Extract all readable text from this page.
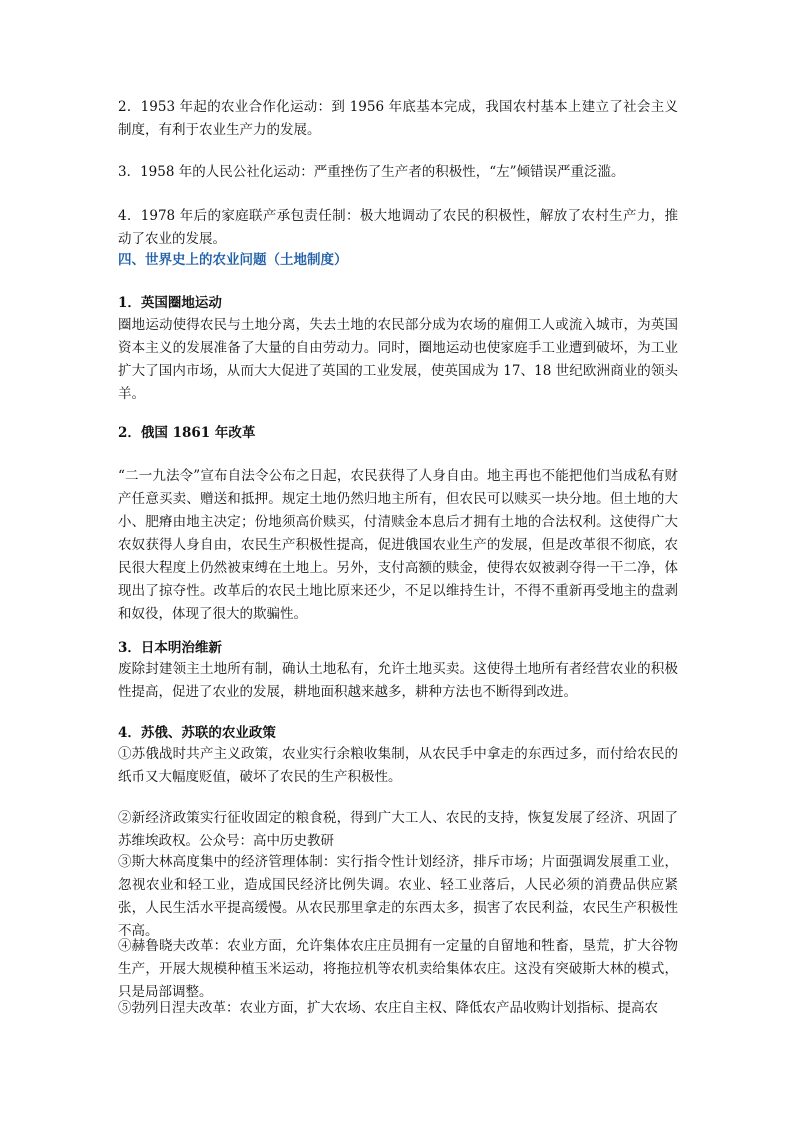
2．1953 年起的农业合作化运动：到 1956 年底基本完成，我国农村基本上建立了社会主义制度，有利于农业生产力的发展。

3．1958 年的人民公社化运动：严重挫伤了生产者的积极性，“左”倾错误严重泛滥。

4．1978 年后的家庭联产承包责任制：极大地调动了农民的积极性，解放了农村生产力，推动了农业的发展。

四、世界史上的农业问题（土地制度）

1．英国圈地运动

圈地运动使得农民与土地分离，失去土地的农民部分成为农场的雇佣工人或流入城市，为英国资本主义的发展准备了大量的自由劳动力。同时，圈地运动也使家庭手工业遭到破坏，为工业扩大了国内市场，从而大大促进了英国的工业发展，使英国成为 17、18 世纪欧洲商业的领头羊。

2．俄国 1861 年改革

“二一九法令”宣布自法令公布之日起，农民获得了人身自由。地主再也不能把他们当成私有财产任意买卖、赠送和抵押。规定土地仍然归地主所有，但农民可以赎买一块分地。但土地的大小、肥瘠由地主决定；份地须高价赎买，付清赎金本息后才拥有土地的合法权利。这使得广大农奴获得人身自由，农民生产积极性提高，促进俄国农业生产的发展，但是改革很不彻底，农民很大程度上仍然被束缚在土地上。另外，支付高额的赎金，使得农奴被剥夺得一干二净，体现出了掠夺性。改革后的农民土地比原来还少，不足以维持生计，不得不重新再受地主的盘剥和奴役，体现了很大的欺骗性。

3．日本明治维新

废除封建领主土地所有制，确认土地私有，允许土地买卖。这使得土地所有者经营农业的积极性提高，促进了农业的发展，耕地面积越来越多，耕种方法也不断得到改进。

4．苏俄、苏联的农业政策

①苏俄战时共产主义政策，农业实行余粮收集制，从农民手中拿走的东西过多，而付给农民的纸币又大幅度贬值，破坏了农民的生产积极性。

②新经济政策实行征收固定的粮食税，得到广大工人、农民的支持，恢复发展了经济、巩固了苏维埃政权。公众号：高中历史教研

③斯大林高度集中的经济管理体制：实行指令性计划经济，排斥市场；片面强调发展重工业，忽视农业和轻工业，造成国民经济比例失调。农业、轻工业落后，人民必须的消费品供应紧张，人民生活水平提高缓慢。从农民那里拿走的东西太多，损害了农民利益，农民生产积极性不高。

④赫鲁晓夫改革：农业方面，允许集体农庄庄员拥有一定量的自留地和牲畜，垦荒，扩大谷物生产，开展大规模种植玉米运动，将拖拉机等农机卖给集体农庄。这没有突破斯大林的模式，只是局部调整。

⑤勃列日涅夫改革：农业方面，扩大农场、农庄自主权、降低农产品收购计划指标、提高农
